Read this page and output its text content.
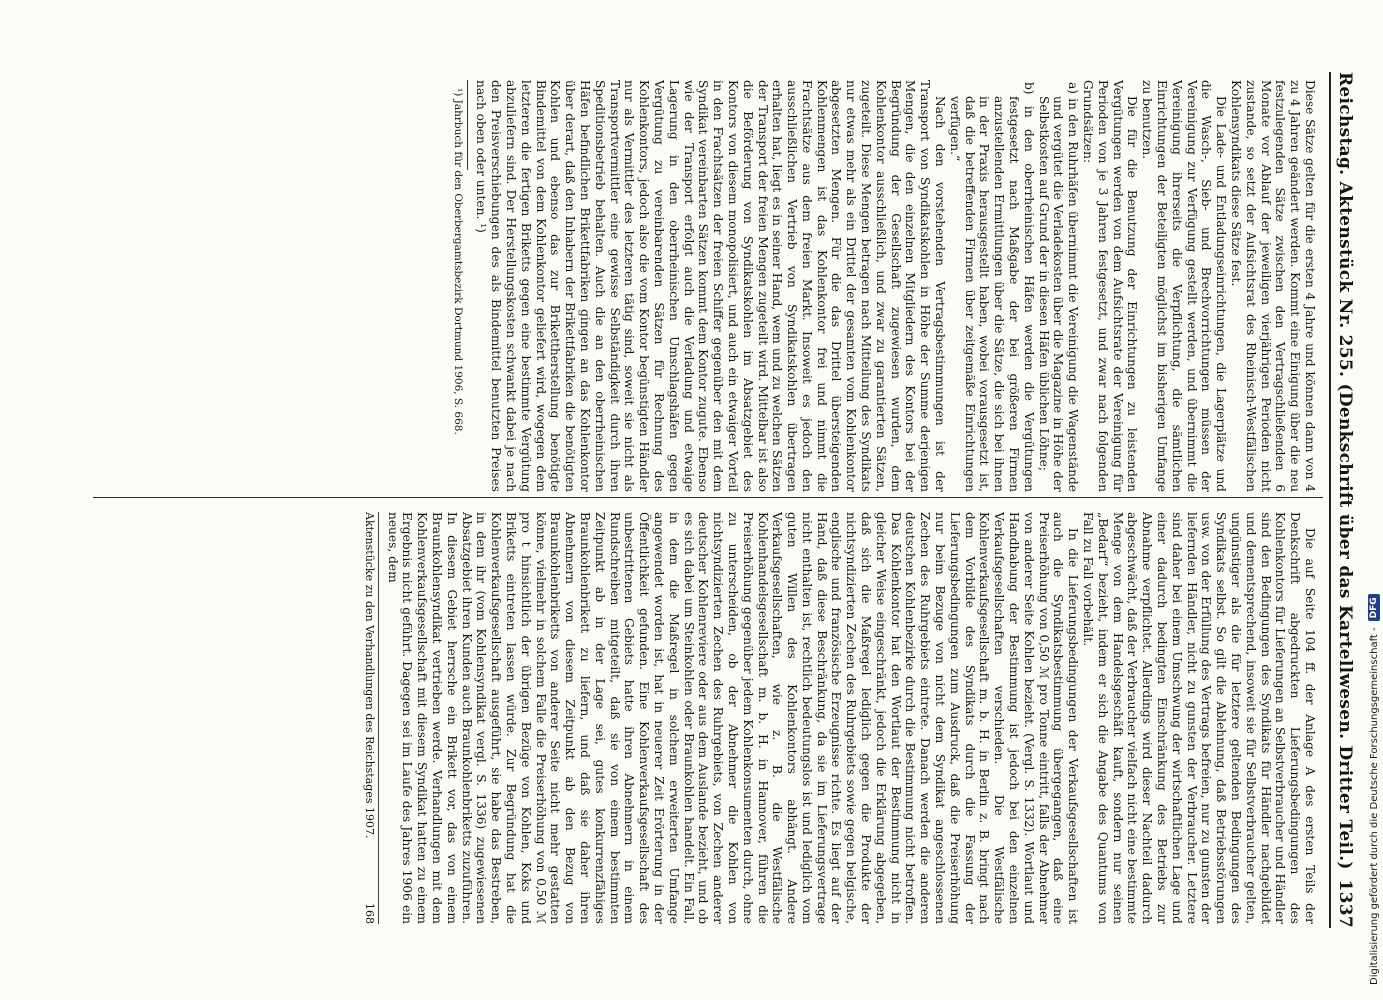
Reichstag. Aktenstück Nr. 255. (Denkschrift über das Kartellwesen. Dritter Teil.)
1337

Die auf Seite 104 ff. der Anlage A des ersten Teils der Denkschrift abgedruckten Lieferungsbedingungen des Kohlenkontors für Lieferungen an Selbstverbraucher und Händler sind den Bedingungen des Syndikats für Händler nachgebildet und dementsprechend, insoweit sie für Selbstverbraucher gelten, ungünstiger als die für letztere geltenden Bedingungen des Syndikats selbst. So gilt die Ablehnung, daß Betriebsstörungen usw. von der Erfüllung des Vertrags befreien, nur zu gunsten der liefernden Händler, nicht zu gunsten der Verbraucher. Letztere sind daher bei einem Umschwung der wirtschaftlichen Lage und einer dadurch bedingten Einschränkung des Betriebs zur Abnahme verpflichtet. Allerdings wird dieser Nachteil dadurch abgeschwächt, daß der Verbraucher vielfach nicht eine bestimmte Menge von dem Handelsgeschäft kauft, sondern nur seinen „Bedarf“ bezieht, indem er sich die Angabe des Quantums von Fall zu Fall vorbehält.

In die Lieferungsbedingungen der Verkaufsgesellschaften ist auch die Syndikatsbestimmung übergegangen, daß eine Preiserhöhung von 0,50 ℳ pro Tonne eintritt, falls der Abnehmer von anderer Seite Kohlen bezieht. (Vergl. S. 1332). Wortlaut und Handhabung der Bestimmung ist jedoch bei den einzelnen Verkaufsgesellschaften verschieden. Die Westfälische Kohlenverkaufsgesellschaft m. b. H. in Berlin z. B. bringt nach dem Vorbilde des Syndikats durch die Fassung der Lieferungsbedingungen zum Ausdruck, daß die Preiserhöhung nur beim Bezuge von nicht dem Syndikat angeschlossenen Zechen des Ruhrgebiets eintrete. Danach werden die anderen deutschen Kohlenbezirke durch die Bestimmung nicht betroffen. Das Kohlenkontor hat den Wortlaut der Bestimmung nicht in gleicher Weise eingeschränkt, jedoch die Erklärung abgegeben, daß sich die Maßregel lediglich gegen die Produkte der nichtsyndizierten Zechen des Ruhrgebiets sowie gegen belgische, englische und französische Erzeugnisse richte. Es liegt auf der Hand, daß diese Beschränkung, da sie im Lieferungsvertrage nicht enthalten ist, rechtlich bedeutungslos ist und lediglich vom guten Willen des Kohlenkontors abhängt. Andere Verkaufsgesellschaften, wie z. B. die Westfälische Kohlenhandelsgesellschaft m. b. H. in Hannover, führen die Preiserhöhung gegenüber jedem Kohlenkonsumenten durch, ohne zu unterscheiden, ob der Abnehmer die Kohlen von nichtsyndizierten Zechen des Ruhrgebiets, von Zechen anderer deutscher Kohlenreviere oder aus dem Auslande bezieht, und ob es sich dabei um Steinkohlen oder Braunkohlen handelt. Ein Fall, in dem die Maßregel in solchem erweiterten Umfange angewendet worden ist, hat in neuerer Zeit Erörterung in der Öffentlichkeit gefunden. Eine Kohlenverkaufsgesellschaft des unbestrittenen Gebiets hatte ihren Abnehmern in einem Rundschreiben mitgeteilt, daß sie von einem bestimmten Zeitpunkt ab in der Lage sei, gutes konkurrenzfähiges Braunkohlenbrikett zu liefern, und daß sie daher ihren Abnehmern von diesem Zeitpunkt ab den Bezug von Braunkohlenbriketts von anderer Seite nicht mehr gestatten könne, vielmehr in solchem Falle die Preiserhöhung von 0,50 ℳ pro t hinsichtlich der übrigen Bezüge von Kohlen, Koks und Briketts eintreten lassen würde. Zur Begründung hat die Kohlenverkaufsgesellschaft ausgeführt, sie habe das Bestreben, in dem ihr (vom Kohlensyndikat vergl. S. 1336) zugewiesenen Absatzgebiet ihren Kunden auch Braunkohlenbriketts zuzuführen. In diesem Gebiet herrsche ein Brikett vor, das von einem Braunkohlensyndikat vertrieben werde. Verhandlungen mit dem Kohlenverkaufsgesellschaft mit diesem Syndikat hatten zu einem Ergebnis nicht geführt. Dagegen sei im Laufe des Jahres 1906 ein neues, dem

Aktenstücke zu den Verhandlungen des Reichstages 1907.
168

Diese Sätze gelten für die ersten 4 Jahre und können dann von 4 zu 4 Jahren geändert werden. Kommt eine Einigung über die neu festzulegenden Sätze zwischen den Vertragschließenden 6 Monate vor Ablauf der jeweiligen vierjährigen Perioden nicht zustande, so setzt der Aufsichtsrat des Rheinisch-Westfälischen Kohlensyndikats diese Sätze fest.

Die Lade- und Entladungseinrichtungen, die Lagerplätze und die Wasch-, Sieb- und Brechvorrichtungen müssen der Vereinigung zur Verfügung gestellt werden, und übernimmt die Vereinigung ihrerseits die Verpflichtung, die sämtlichen Einrichtungen der Beteiligten möglichst im bisherigen Umfange zu benutzen.

Die für die Benutzung der Einrichtungen zu leistenden Vergütungen werden von dem Aufsichtsrate der Vereinigung für Perioden von je 3 Jahren festgesetzt, und zwar nach folgenden Grundsätzen:

a) in den Ruhrhäfen übernimmt die Vereinigung die Wagenstände und vergütet die Verladekosten über die Magazine in Höhe der Selbstkosten auf Grund der in diesen Häfen üblichen Löhne;

b) in den oberrheinischen Häfen werden die Vergütungen festgesetzt nach Maßgabe der bei größeren Firmen anzustellenden Ermittlungen über die Sätze, die sich bei ihnen in der Praxis herausgestellt haben, wobei vorausgesetzt ist, daß die betreffenden Firmen über zeitgemäße Einrichtungen verfügen.“

Nach den vorstehenden Vertragsbestimmungen ist der Transport von Syndikatskohlen in Höhe der Summe derjenigen Mengen, die den einzelnen Mitgliedern des Kontors bei der Begründung der Gesellschaft zugewiesen wurden, dem Kohlenkontor ausschließlich, und zwar zu garantierten Sätzen, zugeteilt. Diese Mengen betragen nach Mitteilung des Syndikats nur etwas mehr als ein Drittel der gesamten vom Kohlenkontor abgesetzten Mengen. Für die das Drittel übersteigenden Kohlenmengen ist das Kohlenkontor frei und nimmt die Frachtsätze aus dem freien Markt. Insoweit es jedoch den ausschließlichen Vertrieb von Syndikatskohlen übertragen erhalten hat, liegt es in seiner Hand, wem und zu welchen Sätzen der Transport der freien Mengen zugeteilt wird. Mittelbar ist also die Beförderung von Syndikatskohlen im Absatzgebiet des Kontors von diesem monopolisiert, und auch ein etwaiger Vorteil in den Frachtsätzen der freien Schiffer gegenüber den mit dem Syndikat vereinbarten Sätzen kommt dem Kontor zugute. Ebenso wie der Transport erfolgt auch die Verladung und etwaige Lagerung in den oberrheinischen Umschlagshäfen gegen Vergütung zu vereinbarenden Sätzen für Rechnung des Kohlenkontors, jedoch also die vom Kontor begünstigten Händler nur als Vermittler des letzteren tätig sind, soweit sie nicht als Transportvermittler eine gewisse Selbständigkeit durch ihren Speditionsbetrieb behalten. Auch die an den oberrheinischen Häfen befindlichen Brikettfabriken gingen an das Kohlenkontor über derart, daß den Inhabern der Brikettfabriken die benötigten Kohlen und ebenso das zur Brikettherstellung benötigte Bindemittel von dem Kohlenkontor geliefert wird, wogegen dem letzteren die fertigen Briketts gegen eine bestimmte Vergütung abzuliefern sind. Der Herstellungskosten schwankt dabei je nach den Preisverschiebungen des als Bindemittel benutzten Preises nach oben oder unten. ¹)

¹) Jahrbuch für den Oberbergamtsbezirk Dortmund 1906, S. 668.
Digitalisierung gefördert durch die Deutsche Forschungsgemeinschaft -
DFG
